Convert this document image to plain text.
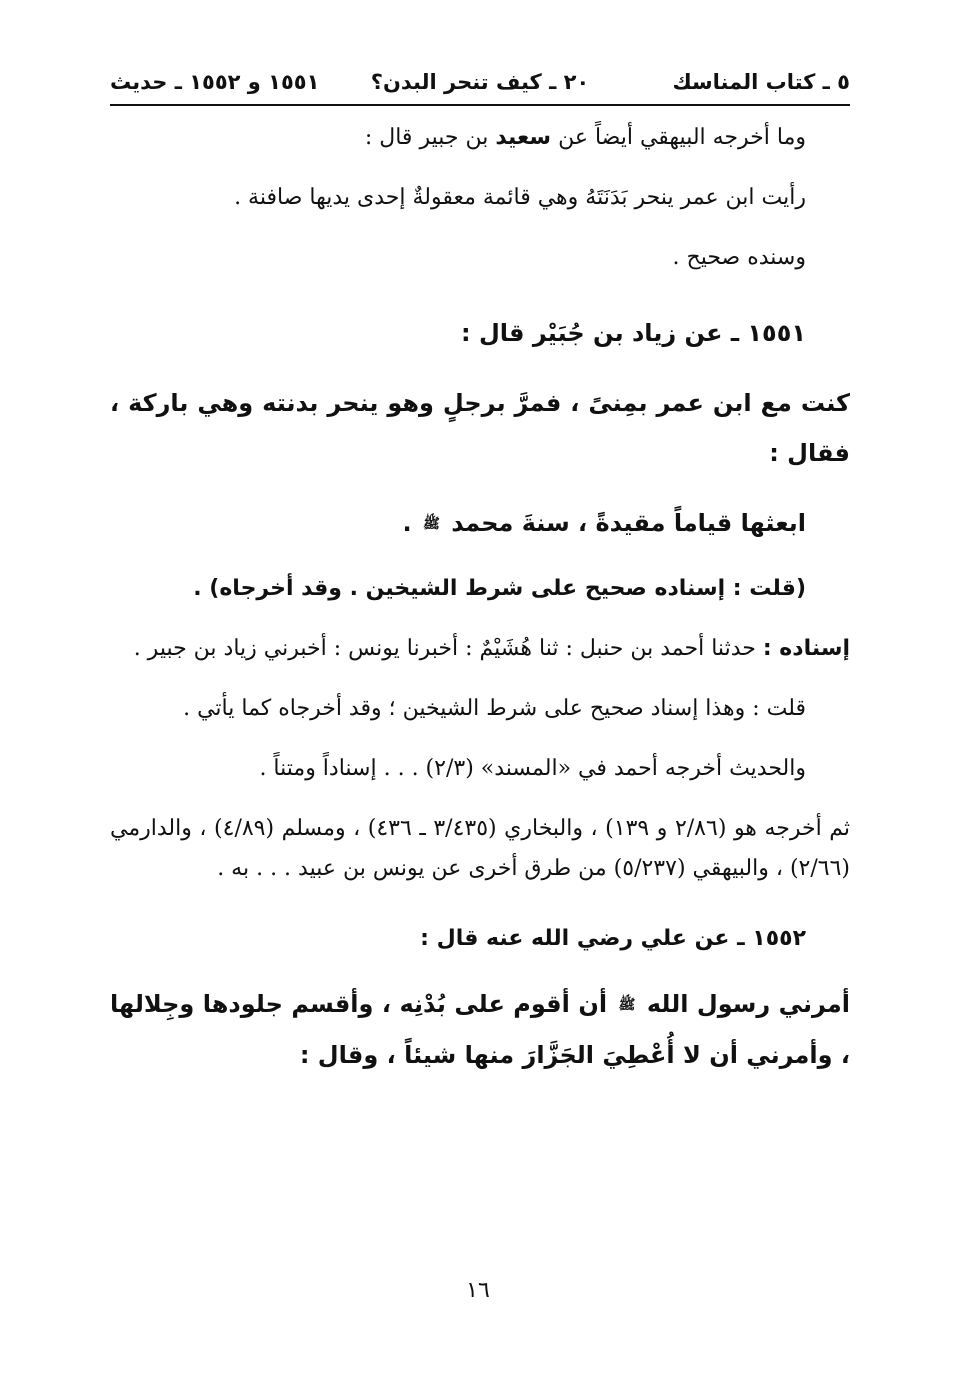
٥ ـ كتاب المناسك
٢٠ ـ كيف تنحر البدن؟
١٥٥١ و ١٥٥٢ ـ حديث
وما أخرجه البيهقي أيضاً عن سعيد بن جبير قال :
رأيت ابن عمر ينحر بَدَنَتَهُ وهي قائمة معقولةٌ إحدى يديها صافنة .
وسنده صحيح .
١٥٥١ ـ عن زياد بن جُبَيْر قال :
كنت مع ابن عمر بمِنىً ، فمرَّ برجلٍ وهو ينحر بدنته وهي باركة ، فقال :
ابعثها قياماً مقيدةً ، سنةَ محمد ﷺ .
(قلت : إسناده صحيح على شرط الشيخين . وقد أخرجاه) .
إسناده : حدثنا أحمد بن حنبل : ثنا هُشَيْمٌ : أخبرنا يونس : أخبرني زياد بن جبير .
قلت : وهذا إسناد صحيح على شرط الشيخين ؛ وقد أخرجاه كما يأتي .
والحديث أخرجه أحمد في «المسند» (٢/٣) . . . إسناداً ومتناً .
ثم أخرجه هو (٢/٨٦ و ١٣٩) ، والبخاري (٣/٤٣٥ ـ ٤٣٦) ، ومسلم (٤/٨٩) ، والدارمي (٢/٦٦) ، والبيهقي (٥/٢٣٧) من طرق أخرى عن يونس بن عبيد . . . به .
١٥٥٢ ـ عن علي رضي الله عنه قال :
أمرني رسول الله ﷺ أن أقوم على بُدْنِه ، وأقسم جلودها وجِلالها ، وأمرني أن لا أُعْطِيَ الجَزَّارَ منها شيئاً ، وقال :
١٦
